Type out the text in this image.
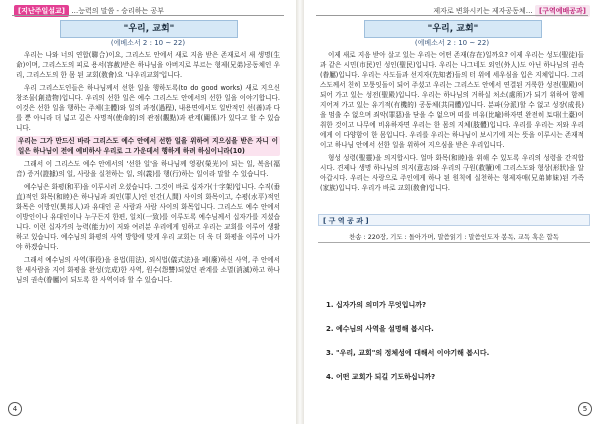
[지난주일설교] …능력의 말씀 - 승리하는 공부
"우리, 교회"
(에베소서 2 : 10 ~ 22)

우리는 나와 너의 연합(聯合)이요, 그리스도 안에서 새로 지음 받은 존재로서 새 생명(生命)이며, 그리스도의 피로 용서(容赦)받은 하나님을 아버지로 부르는 형제(兄弟)공동체인 우리, 그리스도의 한 몸 된 교회(敎會)요 '나우리교회'입니다.

우리 그리스도인들은 하나님께서 선한 일을 행하도록(to do good works) 새로 지으신 창조물(創造物)입니다. 우리의 선한 일은 예수 그리스도 안에서의 선한 일을 이야기합니다. 이것은 선한 일을 행하는 주체(主體)와 일의 과정(過程), 내용면에서도 일반적인 선(善)과 다를 뿐 아니라 더 넓고 깊은 사명적(使命的)의 관점(觀點)과 관계(關係)가 있다고 할 수 있습니다.

우리는 그가 만드신 바라 그리스도 예수 안에서 선한 일을 위하여 지으심을 받은 자니 이 일은 하나님이 전에 예비하사 우리로 그 가운데서 행하게 하려 하심이니라(10)

그래서 이 그리스도 예수 안에서의 '선한 일'을 하나님께 영광(榮光)이 되는 일, 복음(福音) 증거(證據)의 일, 사랑을 실천하는 일, 의(義)를 행(行)하는 일이라 말할 수 있습니다.

예수님은 화평(和平)을 이루시러 오셨습니다. 그것이 바로 십자가(十字架)입니다. 수직(垂直)적인 화목(和睦)은 하나님과 죄인(罪人)인 인간(人間) 사이의 화목이고, 수평(水平)적인 화목은 이방인(異邦人)과 유대인 곧 사람과 사람 사이의 화목입니다. 그리스도 예수 안에서 이방인이나 유대인이나 누구든지 한편, 일치(一致)를 이루도록 예수님께서 십자가를 지셨습니다. 이런 십자가의 능력(能力)이 저와 여러분 우리에게 임하고 우리는 교회를 이루어 생활하고 있습니다. 예수님의 화평의 사역 방향에 맞게 우리 교회는 더 욱 더 화평을 이루어 나가야 하겠습니다.

그래서 예수님의 사역(事役)을 용법(用法), 외식법(儀式法)을 폐(廢)하신 사역, 주 안에서 한 새사람을 지어 화평을 완성(完成)한 사역, 원수(怨讐)되었던 관계를 소멸(消滅)하고 하나님의 권속(眷屬)이 되도록 한 사역이라 할 수 있습니다.

4
제자로 변화시키는 제자공동체… [구역예배공과]
"우리, 교회"
(에베소서 2 : 10 ~ 22)

이제 새로 지음 받아 살고 있는 우리는 어떤 존재(存在)일까요? 이제 우리는 성도(聖徒)들과 같은 시민(市民)인 성인(聖民)입니다. 우리는 나그네도 외인(外人)도 아닌 하나님의 권속(眷屬)입니다. 우리는 사도들과 선지자(先知者)들의 터 위에 세우심을 입은 지체입니다. 그리스도께서 친히 모퉁잇돌이 되어 주셨고 우리는 그리스도 안에서 연결된 거룩한 성전(聖殿)이 되어 가고 있는 성전(聖殿)입니다. 우리는 하나님의 거하실 처소(處所)가 되기 위하여 함께 지어져 가고 있는 유기적(有機的) 공동체(共同體)입니다. 분파(分派)할 수 없고 성장(成長)을 멈출 수 없으며 죄악(罪惡)을 닫을 수 없으며 띠를 비유(比喩)하자면 완전히 토대(土臺)이 취한 것이고 나무에 비유하자면 우리는 한 몸의 지체(肢體)입니다. 우리를 우리는 저와 우리에게 이 다양함이 한 몸입니다. 우리를 우리는 하나님이 보시기에 저는 뜻을 이루시는 존재적이고 하나님 안에서 선한 일을 위하여 지으심을 받은 우리입니다.

형성 성령(聖靈)을 의지합시다. 얼마 화목(和睦)을 위해 수 있도록 우리의 성령을 간직합시다. 견제나 생명 하나님의 의지(意志)와 우리의 구원(救贖)에 그리스도와 형상(形狀)을 알아갑시다. 우리는 사랑으로 주인에게 하나 된 원칙에 실천하는 형제자매(兄弟姉妹)된 가족(家族)입니다. 우리가 바로 교회(敎會)입니다.

[ 구 역 공 과 ]
찬송 : 220장, 기도 : 돌아가며, 말씀읽기 : 말씀인도자 봉독, 교독 혹은 합독
1. 십자가의 의미가 무엇입니까?
2. 예수님의 사역을 설명해 봅시다.
3. "우리, 교회"의 정체성에 대해서 이야기해 봅시다.
4. 어떤 교회가 되길 기도하십니까?
5
